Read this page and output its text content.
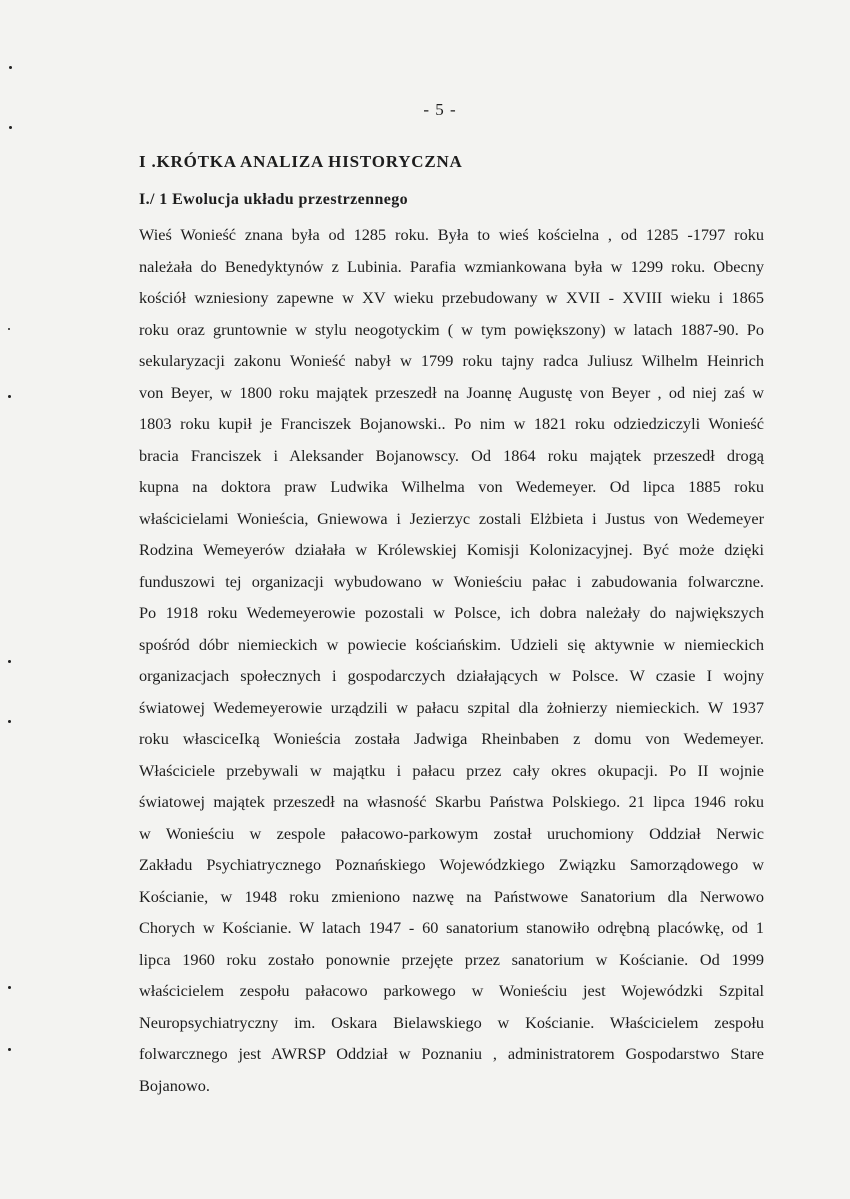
- 5 -
I .KRÓTKA ANALIZA HISTORYCZNA
I./ 1 Ewolucja układu przestrzennego
Wieś Wonieść znana była od 1285 roku. Była to wieś kościelna , od 1285 -1797 roku
należała do Benedyktynów z Lubinia. Parafia wzmiankowana była w 1299 roku. Obecny
kościół wzniesiony zapewne w XV wieku przebudowany w XVII - XVIII wieku i 1865
roku oraz gruntownie w stylu neogotyckim ( w tym powiększony) w latach 1887-90. Po
sekularyzacji zakonu Wonieść nabył w 1799 roku tajny radca Juliusz Wilhelm Heinrich
von Beyer, w 1800 roku majątek przeszedł na Joannę Augustę von Beyer , od niej zaś w
1803 roku kupił je Franciszek Bojanowski.. Po nim w 1821 roku odziedziczyli Wonieść
bracia Franciszek i Aleksander Bojanowscy. Od 1864 roku majątek przeszedł drogą
kupna na doktora praw Ludwika Wilhelma von Wedemeyer. Od lipca 1885 roku
właścicielami Wonieścia, Gniewowa i Jezierzyc zostali Elżbieta i Justus von Wedemeyer
Rodzina Wemeyerów działała w Królewskiej Komisji Kolonizacyjnej. Być może dzięki
funduszowi tej organizacji wybudowano w Wonieściu pałac i zabudowania folwarczne.
Po 1918 roku Wedemeyerowie pozostali w Polsce, ich dobra należały do największych
spośród dóbr niemieckich w powiecie kościańskim. Udzieli się aktywnie w niemieckich
organizacjach społecznych i gospodarczych działających w Polsce. W czasie I wojny
światowej Wedemeyerowie urządzili w pałacu szpital dla żołnierzy niemieckich. W 1937
roku własciceIką Wonieścia została Jadwiga Rheinbaben z domu von Wedemeyer.
Właściciele przebywali w majątku i pałacu przez cały okres okupacji. Po II wojnie
światowej majątek przeszedł na własność Skarbu Państwa Polskiego. 21 lipca 1946 roku
w Wonieściu w zespole pałacowo-parkowym został uruchomiony Oddział Nerwic
Zakładu Psychiatrycznego Poznańskiego Wojewódzkiego Związku Samorządowego w
Kościanie, w 1948 roku zmieniono nazwę na Państwowe Sanatorium dla Nerwowo
Chorych w Kościanie. W latach 1947 - 60 sanatorium stanowiło odrębną placówkę, od 1
lipca 1960 roku zostało ponownie przejęte przez sanatorium w Kościanie. Od 1999
właścicielem zespołu pałacowo parkowego w Wonieściu jest Wojewódzki Szpital
Neuropsychiatryczny im. Oskara Bielawskiego w Kościanie. Właścicielem zespołu
folwarcznego jest AWRSP Oddział w Poznaniu , administratorem Gospodarstwo Stare
Bojanowo.
